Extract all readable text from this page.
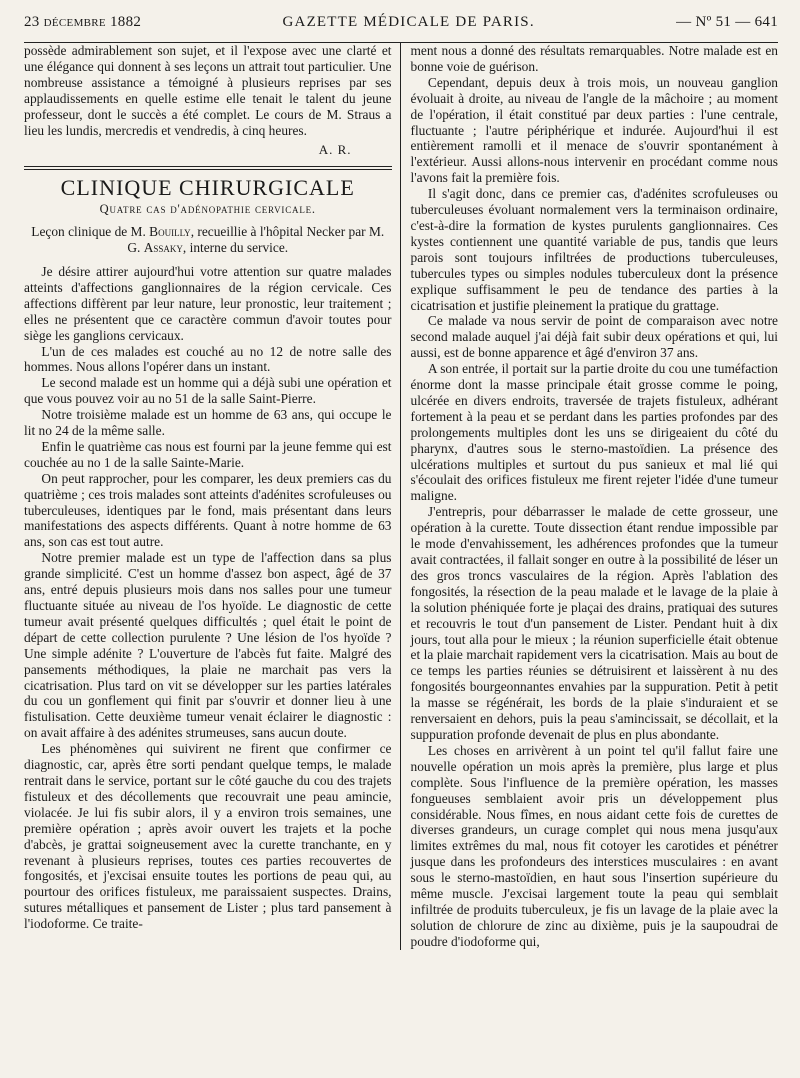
23 décembre 1882	GAZETTE MÉDICALE DE PARIS.	— Nº 51 — 641

possède admirablement son sujet, et il l'expose avec une clarté et une élégance qui donnent à ses leçons un attrait tout particulier. Une nombreuse assistance a témoigné à plusieurs reprises par ses applaudissements en quelle estime elle tenait le talent du jeune professeur, dont le succès a été complet. Le cours de M. Straus a lieu les lundis, mercredis et vendredis, à cinq heures.

A. R.
CLINIQUE CHIRURGICALE
Quatre cas d'adénopathie cervicale.
Leçon clinique de M. Bouilly, recueillie à l'hôpital Necker par M. G. Assaky, interne du service.

Je désire attirer aujourd'hui votre attention sur quatre malades atteints d'affections ganglionnaires de la région cervicale. Ces affections diffèrent par leur nature, leur pronostic, leur traitement ; elles ne présentent que ce caractère commun d'avoir toutes pour siège les ganglions cervicaux.

L'un de ces malades est couché au no 12 de notre salle des hommes. Nous allons l'opérer dans un instant.

Le second malade est un homme qui a déjà subi une opération et que vous pouvez voir au no 51 de la salle Saint-Pierre.

Notre troisième malade est un homme de 63 ans, qui occupe le lit no 24 de la même salle.

Enfin le quatrième cas nous est fourni par la jeune femme qui est couchée au no 1 de la salle Sainte-Marie.

On peut rapprocher, pour les comparer, les deux premiers cas du quatrième ; ces trois malades sont atteints d'adénites scrofuleuses ou tuberculeuses, identiques par le fond, mais présentant dans leurs manifestations des aspects différents. Quant à notre homme de 63 ans, son cas est tout autre.

Notre premier malade est un type de l'affection dans sa plus grande simplicité. C'est un homme d'assez bon aspect, âgé de 37 ans, entré depuis plusieurs mois dans nos salles pour une tumeur fluctuante située au niveau de l'os hyoïde. Le diagnostic de cette tumeur avait présenté quelques difficultés ; quel était le point de départ de cette collection purulente ? Une lésion de l'os hyoïde ? Une simple adénite ? L'ouverture de l'abcès fut faite. Malgré des pansements méthodiques, la plaie ne marchait pas vers la cicatrisation. Plus tard on vit se développer sur les parties latérales du cou un gonflement qui finit par s'ouvrir et donner lieu à une fistulisation. Cette deuxième tumeur venait éclairer le diagnostic : on avait affaire à des adénites strumeuses, sans aucun doute.

Les phénomènes qui suivirent ne firent que confirmer ce diagnostic, car, après être sorti pendant quelque temps, le malade rentrait dans le service, portant sur le côté gauche du cou des trajets fistuleux et des décollements que recouvrait une peau amincie, violacée. Je lui fis subir alors, il y a environ trois semaines, une première opération ; après avoir ouvert les trajets et la poche d'abcès, je grattai soigneusement avec la curette tranchante, en y revenant à plusieurs reprises, toutes ces parties recouvertes de fongosités, et j'excisai ensuite toutes les portions de peau qui, au pourtour des orifices fistuleux, me paraissaient suspectes. Drains, sutures métalliques et pansement de Lister ; plus tard pansement à l'iodoforme. Ce traite-

ment nous a donné des résultats remarquables. Notre malade est en bonne voie de guérison.

Cependant, depuis deux à trois mois, un nouveau ganglion évoluait à droite, au niveau de l'angle de la mâchoire ; au moment de l'opération, il était constitué par deux parties : l'une centrale, fluctuante ; l'autre périphérique et indurée. Aujourd'hui il est entièrement ramolli et il menace de s'ouvrir spontanément à l'extérieur. Aussi allons-nous intervenir en procédant comme nous l'avons fait la première fois.

Il s'agit donc, dans ce premier cas, d'adénites scrofuleuses ou tuberculeuses évoluant normalement vers la terminaison ordinaire, c'est-à-dire la formation de kystes purulents ganglionnaires. Ces kystes contiennent une quantité variable de pus, tandis que leurs parois sont toujours infiltrées de productions tuberculeuses, tubercules types ou simples nodules tuberculeux dont la présence explique suffisamment le peu de tendance des parties à la cicatrisation et justifie pleinement la pratique du grattage.

Ce malade va nous servir de point de comparaison avec notre second malade auquel j'ai déjà fait subir deux opérations et qui, lui aussi, est de bonne apparence et âgé d'environ 37 ans.

A son entrée, il portait sur la partie droite du cou une tuméfaction énorme dont la masse principale était grosse comme le poing, ulcérée en divers endroits, traversée de trajets fistuleux, adhérant fortement à la peau et se perdant dans les parties profondes par des prolongements multiples dont les uns se dirigeaient du côté du pharynx, d'autres sous le sterno-mastoïdien. La présence des ulcérations multiples et surtout du pus sanieux et mal lié qui s'écoulait des orifices fistuleux me firent rejeter l'idée d'une tumeur maligne.

J'entrepris, pour débarrasser le malade de cette grosseur, une opération à la curette. Toute dissection étant rendue impossible par le mode d'envahissement, les adhérences profondes que la tumeur avait contractées, il fallait songer en outre à la possibilité de léser un des gros troncs vasculaires de la région. Après l'ablation des fongosités, la résection de la peau malade et le lavage de la plaie à la solution phéniquée forte je plaçai des drains, pratiquai des sutures et recouvris le tout d'un pansement de Lister. Pendant huit à dix jours, tout alla pour le mieux ; la réunion superficielle était obtenue et la plaie marchait rapidement vers la cicatrisation. Mais au bout de ce temps les parties réunies se détruisirent et laissèrent à nu des fongosités bourgeonnantes envahies par la suppuration. Petit à petit la masse se régénérait, les bords de la plaie s'induraient et se renversaient en dehors, puis la peau s'amincissait, se décollait, et la suppuration profonde devenait de plus en plus abondante.

Les choses en arrivèrent à un point tel qu'il fallut faire une nouvelle opération un mois après la première, plus large et plus complète. Sous l'influence de la première opération, les masses fongueuses semblaient avoir pris un développement plus considérable. Nous fîmes, en nous aidant cette fois de curettes de diverses grandeurs, un curage complet qui nous mena jusqu'aux limites extrêmes du mal, nous fit cotoyer les carotides et pénétrer jusque dans les profondeurs des interstices musculaires : en avant sous le sterno-mastoïdien, en haut sous l'insertion supérieure du même muscle. J'excisai largement toute la peau qui semblait infiltrée de produits tuberculeux, je fis un lavage de la plaie avec la solution de chlorure de zinc au dixième, puis je la saupoudrai de poudre d'iodoforme qui,
